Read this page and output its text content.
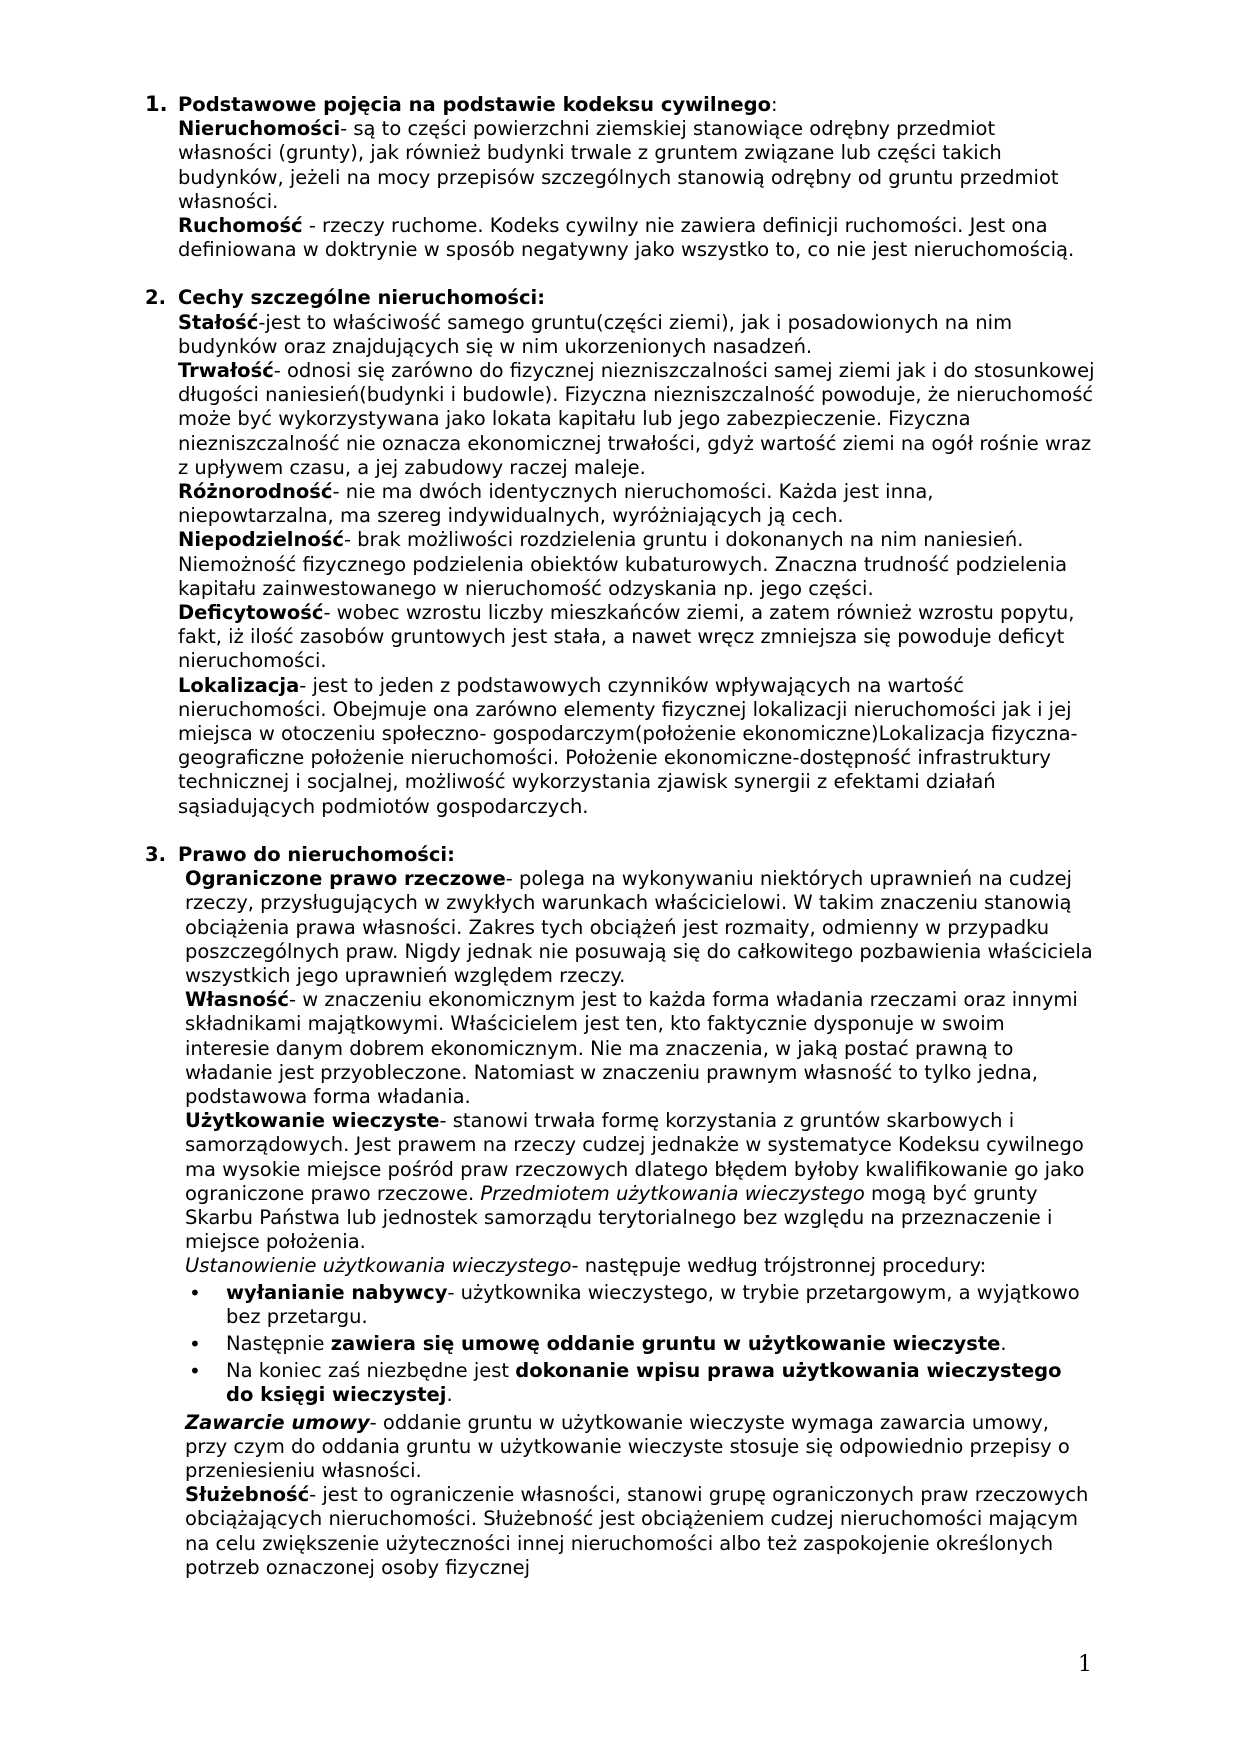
1. Podstawowe pojęcia na podstawie kodeksu cywilnego:

Nieruchomości- są to części powierzchni ziemskiej stanowiące odrębny przedmiot własności (grunty), jak również budynki trwale z gruntem związane lub części takich budynków, jeżeli na mocy przepisów szczególnych stanowią odrębny od gruntu przedmiot własności.

Ruchomość - rzeczy ruchome. Kodeks cywilny nie zawiera definicji ruchomości. Jest ona definiowana w doktrynie w sposób negatywny jako wszystko to, co nie jest nieruchomością.

2. Cechy szczególne nieruchomości:

Stałość-jest to właściwość samego gruntu(części ziemi), jak i posadowionych na nim budynków oraz znajdujących się w nim ukorzenionych nasadzeń.

Trwałość- odnosi się zarówno do fizycznej niezniszczalności samej ziemi jak i do stosunkowej długości naniesień(budynki i budowle). Fizyczna niezniszczalność powoduje, że nieruchomość może być wykorzystywana jako lokata kapitału lub jego zabezpieczenie. Fizyczna niezniszczalność nie oznacza ekonomicznej trwałości, gdyż wartość ziemi na ogół rośnie wraz z upływem czasu, a jej zabudowy raczej maleje.

Różnorodność- nie ma dwóch identycznych nieruchomości. Każda jest inna, niepowtarzalna, ma szereg indywidualnych, wyróżniających ją cech.

Niepodzielność- brak możliwości rozdzielenia gruntu i dokonanych na nim naniesień. Niemożność fizycznego podzielenia obiektów kubaturowych. Znaczna trudność podzielenia kapitału zainwestowanego w nieruchomość odzyskania np. jego części.

Deficytowość- wobec wzrostu liczby mieszkańców ziemi, a zatem również wzrostu popytu, fakt, iż ilość zasobów gruntowych jest stała, a nawet wręcz zmniejsza się powoduje deficyt nieruchomości.

Lokalizacja- jest to jeden z podstawowych czynników wpływających na wartość nieruchomości. Obejmuje ona zarówno elementy fizycznej lokalizacji nieruchomości jak i jej miejsca w otoczeniu społeczno- gospodarczym(położenie ekonomiczne)Lokalizacja fizyczna- geograficzne położenie nieruchomości. Położenie ekonomiczne-dostępność infrastruktury technicznej i socjalnej, możliwość wykorzystania zjawisk synergii z efektami działań sąsiadujących podmiotów gospodarczych.

3. Prawo do nieruchomości:

Ograniczone prawo rzeczowe- polega na wykonywaniu niektórych uprawnień na cudzej rzeczy, przysługujących w zwykłych warunkach właścicielowi. W takim znaczeniu stanowią obciążenia prawa własności. Zakres tych obciążeń jest rozmaity, odmienny w przypadku poszczególnych praw. Nigdy jednak nie posuwają się do całkowitego pozbawienia właściciela wszystkich jego uprawnień względem rzeczy.

Własność- w znaczeniu ekonomicznym jest to każda forma władania rzeczami oraz innymi składnikami majątkowymi. Właścicielem jest ten, kto faktycznie dysponuje w swoim interesie danym dobrem ekonomicznym. Nie ma znaczenia, w jaką postać prawną to władanie jest przyobleczone. Natomiast w znaczeniu prawnym własność to tylko jedna, podstawowa forma władania.

Użytkowanie wieczyste- stanowi trwała formę korzystania z gruntów skarbowych i samorządowych. Jest prawem na rzeczy cudzej jednakże w systematyce Kodeksu cywilnego ma wysokie miejsce pośród praw rzeczowych dlatego błędem byłoby kwalifikowanie go jako ograniczone prawo rzeczowe. Przedmiotem użytkowania wieczystego mogą być grunty Skarbu Państwa lub jednostek samorządu terytorialnego bez względu na przeznaczenie i miejsce położenia.

Ustanowienie użytkowania wieczystego- następuje według trójstronnej procedury:

• wyłanianie nabywcy- użytkownika wieczystego, w trybie przetargowym, a wyjątkowo bez przetargu.
• Następnie zawiera się umowę oddanie gruntu w użytkowanie wieczyste.
• Na koniec zaś niezbędne jest dokonanie wpisu prawa użytkowania wieczystego do księgi wieczystej.

Zawarcie umowy- oddanie gruntu w użytkowanie wieczyste wymaga zawarcia umowy, przy czym do oddania gruntu w użytkowanie wieczyste stosuje się odpowiednio przepisy o przeniesieniu własności.

Służebność- jest to ograniczenie własności, stanowi grupę ograniczonych praw rzeczowych obciążających nieruchomości. Służebność jest obciążeniem cudzej nieruchomości mającym na celu zwiększenie użyteczności innej nieruchomości albo też zaspokojenie określonych potrzeb oznaczonej osoby fizycznej

1
